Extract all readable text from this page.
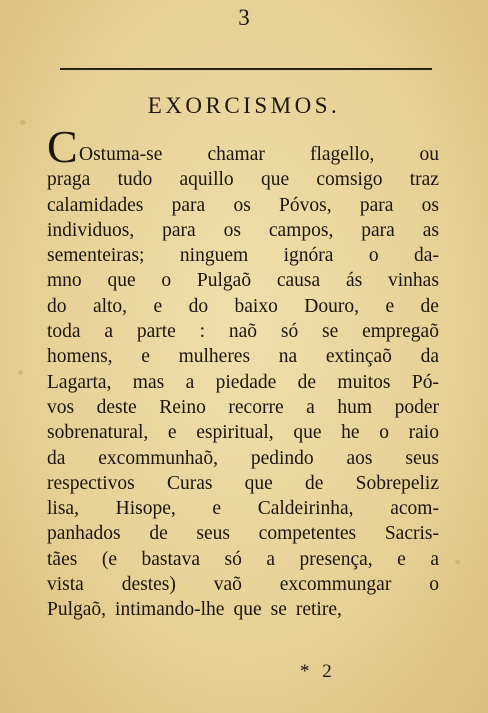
3
EXORCISMOS.
C Ostuma-se chamar flagello, ou
praga tudo aquillo que comsigo traz
calamidades para os Póvos, para os
individuos, para os campos, para as
sementeiras; ninguem ignóra o da-
mno que o Pulgaõ causa ás vinhas
do alto, e do baixo Douro, e de
toda a parte : naõ só se empregaõ
homens, e mulheres na extinçaõ da
Lagarta, mas a piedade de muitos Pó-
vos deste Reino recorre a hum poder
sobrenatural, e espiritual, que he o raio
da excommunhaõ, pedindo aos seus
respectivos Curas que de Sobrepeliz
lisa, Hisope, e Caldeirinha, acom-
panhados de seus competentes Sacris-
tães (e bastava só a presença, e a
vista destes) vaõ excommungar o
Pulgaõ, intimando-lhe que se retire,
* 2
